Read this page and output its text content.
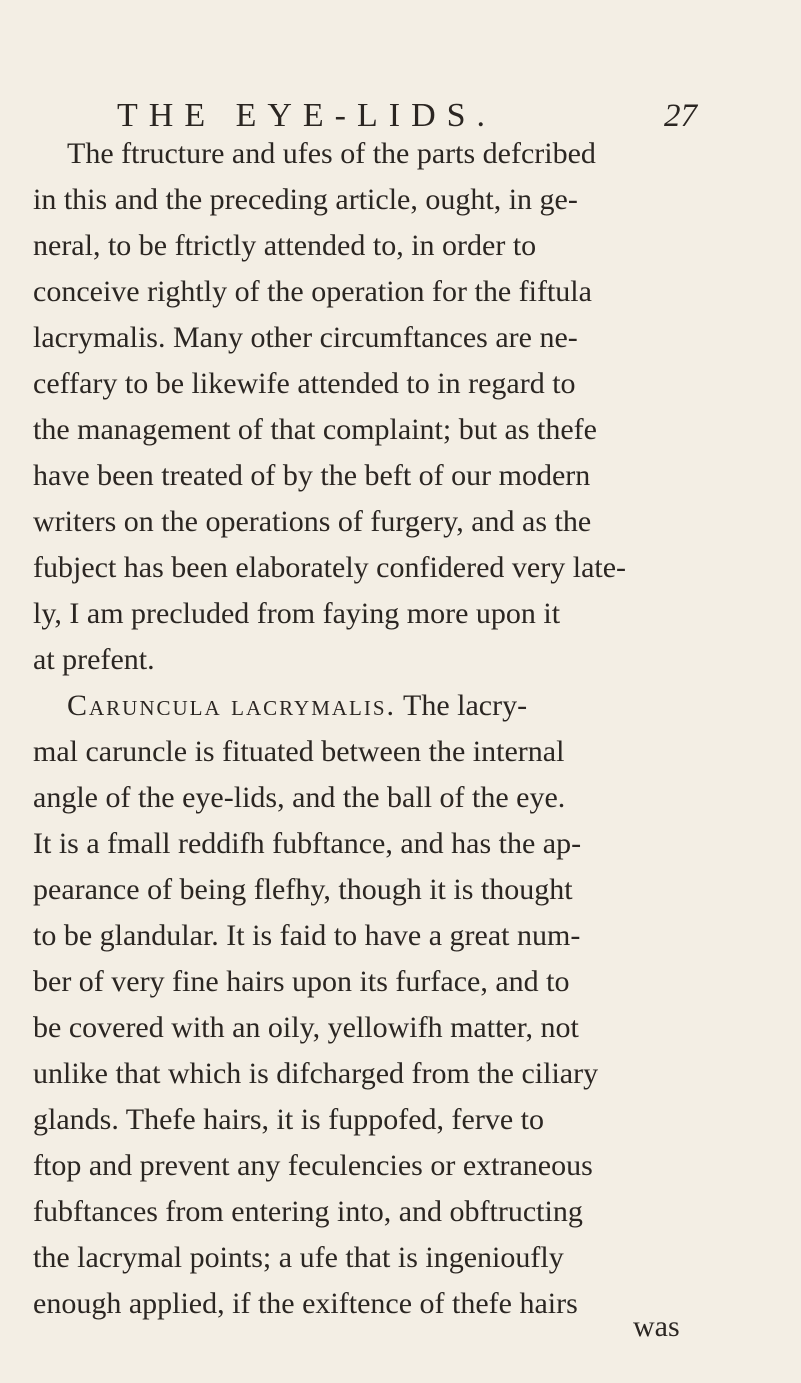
THE EYE-LIDS.	27
The ftructure and ufes of the parts defcribed
in this and the preceding article, ought, in ge-
neral, to be ftrictly attended to, in order to
conceive rightly of the operation for the fiftula
lacrymalis. Many other circumftances are ne-
ceffary to be likewife attended to in regard to
the management of that complaint; but as thefe
have been treated of by the beft of our modern
writers on the operations of furgery, and as the
fubject has been elaborately confidered very late-
ly, I am precluded from faying more upon it
at prefent.
Caruncula lacrymalis. The lacry-
mal caruncle is fituated between the internal
angle of the eye-lids, and the ball of the eye.
It is a fmall reddifh fubftance, and has the ap-
pearance of being flefhy, though it is thought
to be glandular. It is faid to have a great num-
ber of very fine hairs upon its furface, and to
be covered with an oily, yellowifh matter, not
unlike that which is difcharged from the ciliary
glands. Thefe hairs, it is fuppofed, ferve to
ftop and prevent any feculencies or extraneous
fubftances from entering into, and obftructing
the lacrymal points; a ufe that is ingenioufly
enough applied, if the exiftence of thefe hairs
was
